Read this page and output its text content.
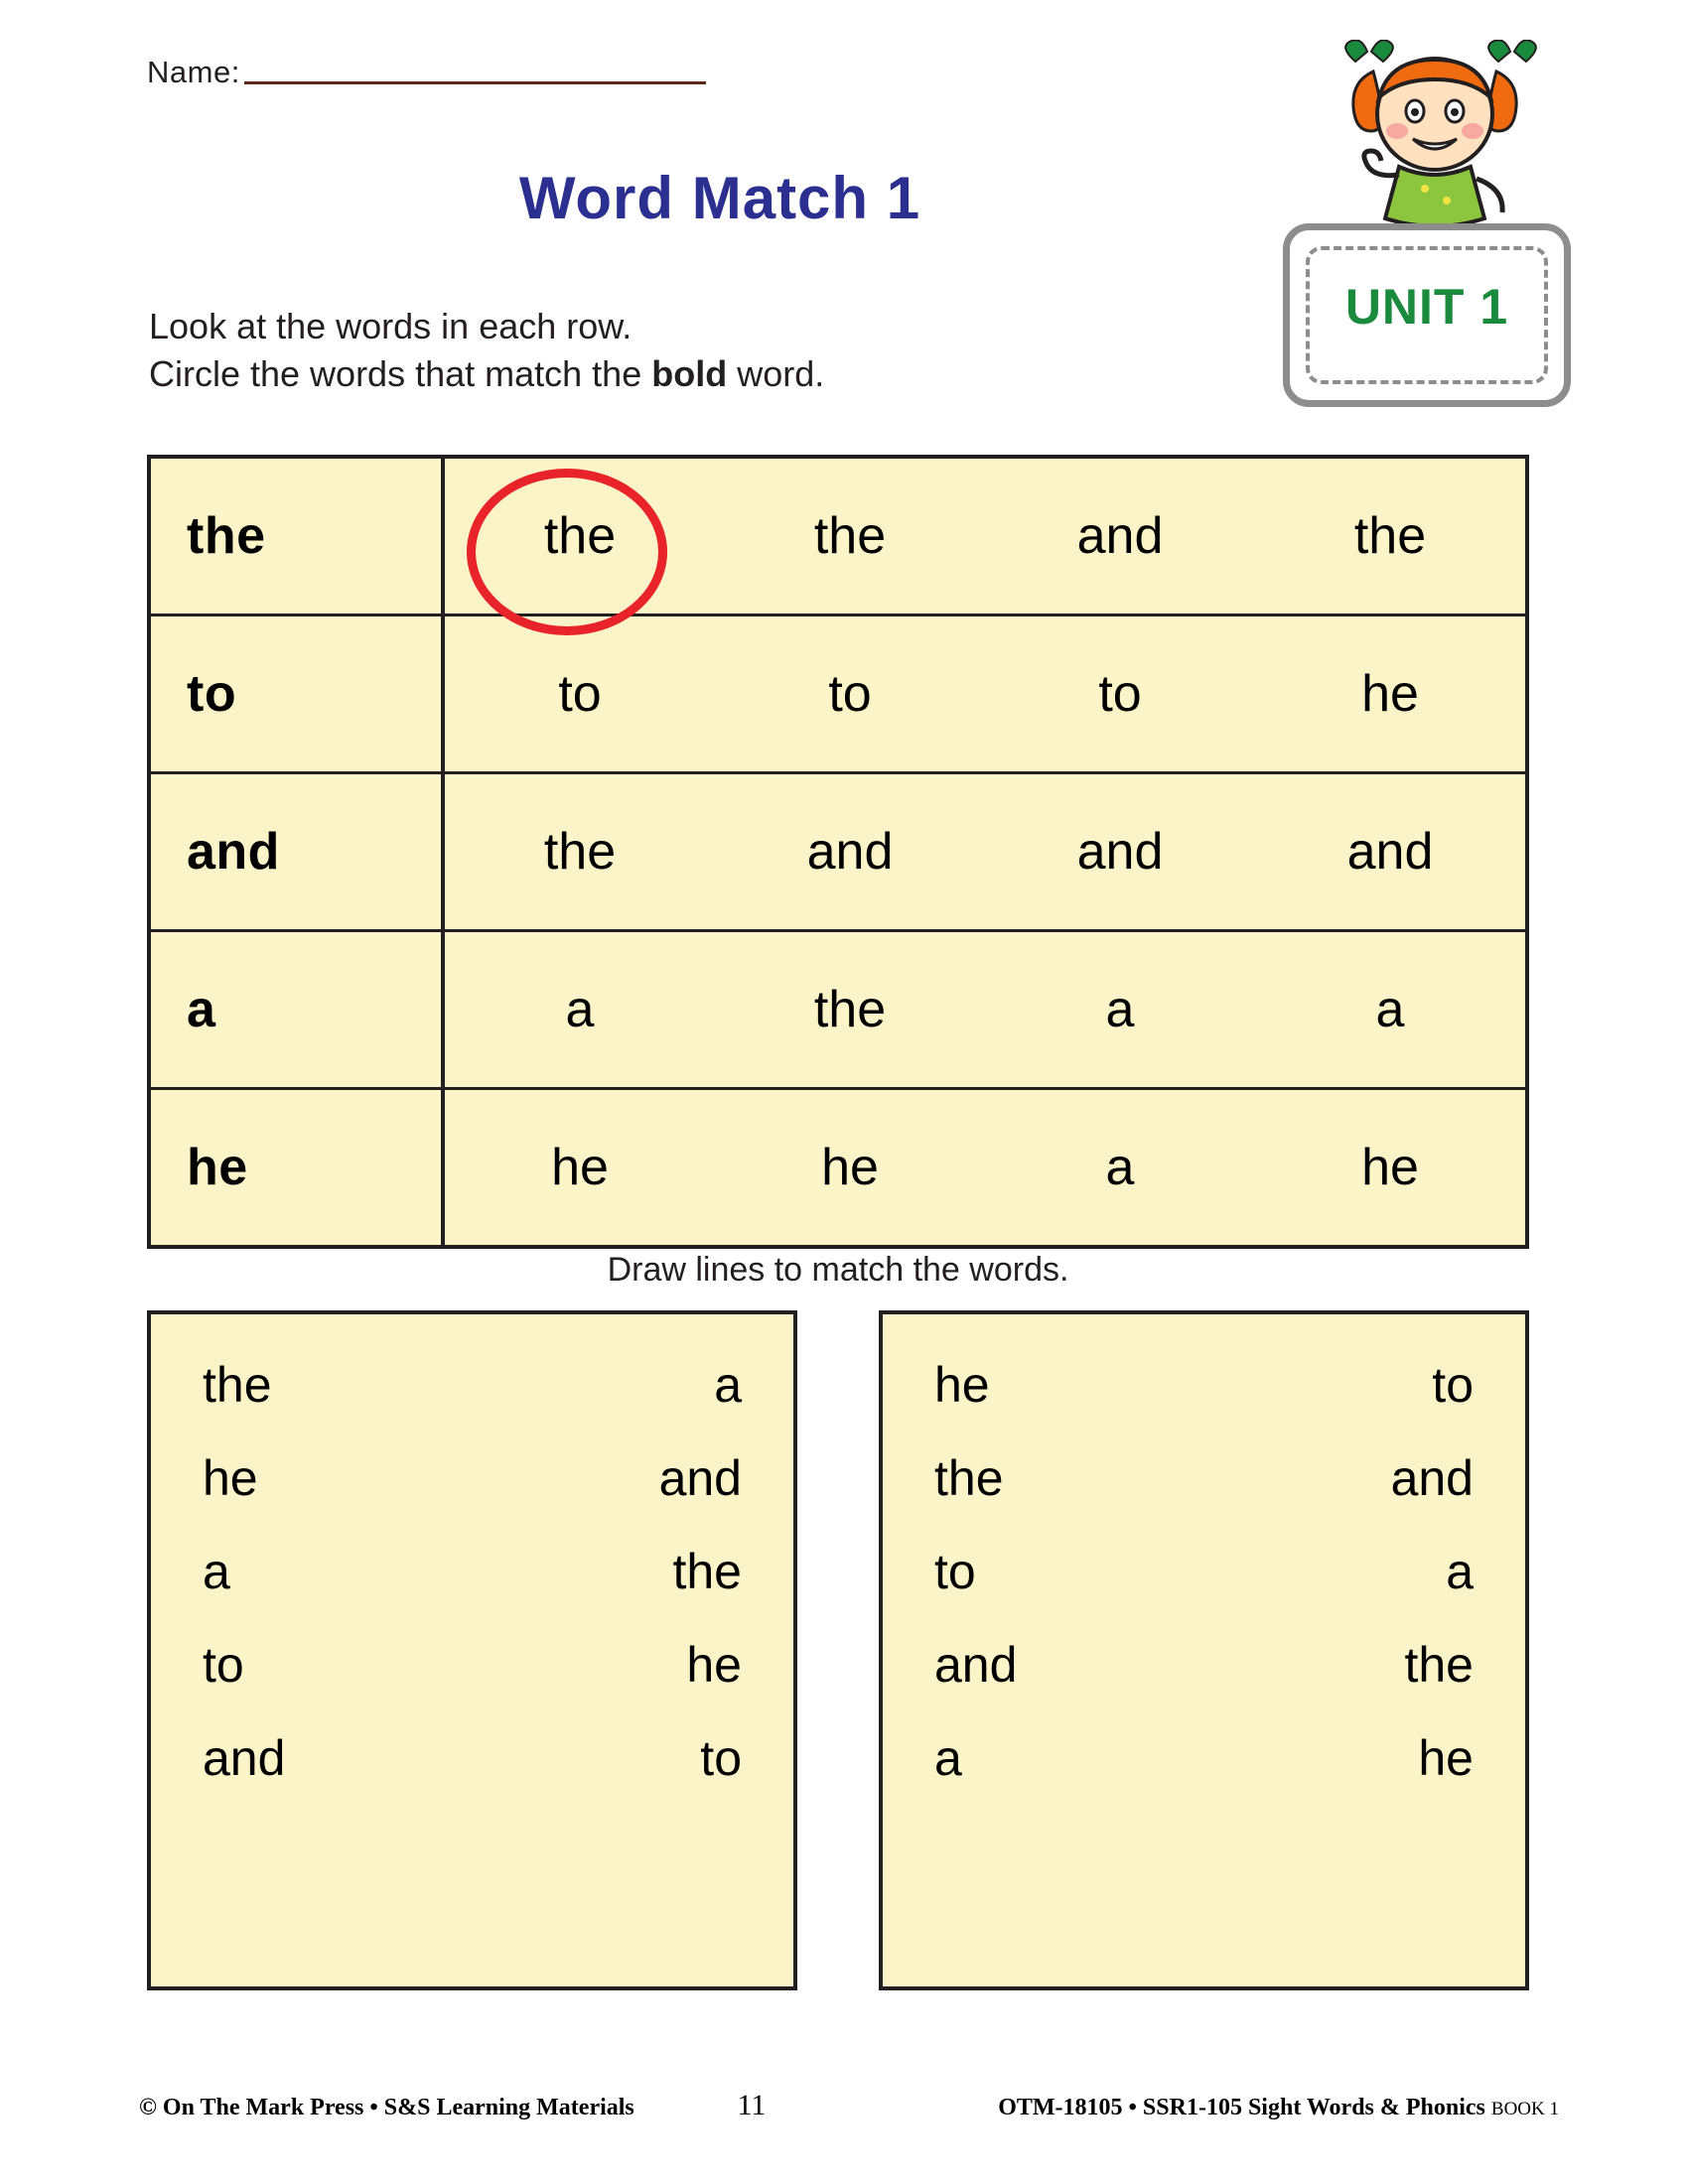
Name:
Word Match 1
Look at the words in each row.
Circle the words that match the bold word.
UNIT 1
the	the	the	and	the
to	to	to	to	he
and	the	and	and	and
a	a	the	a	a
he	he	he	a	he
Draw lines to match the words.
the	a
he	and
a	the
to	he
and	to
he	to
the	and
to	a
and	the
a	he
© On The Mark Press • S&S Learning Materials	11	OTM-18105 • SSR1-105 Sight Words & Phonics BOOK 1
